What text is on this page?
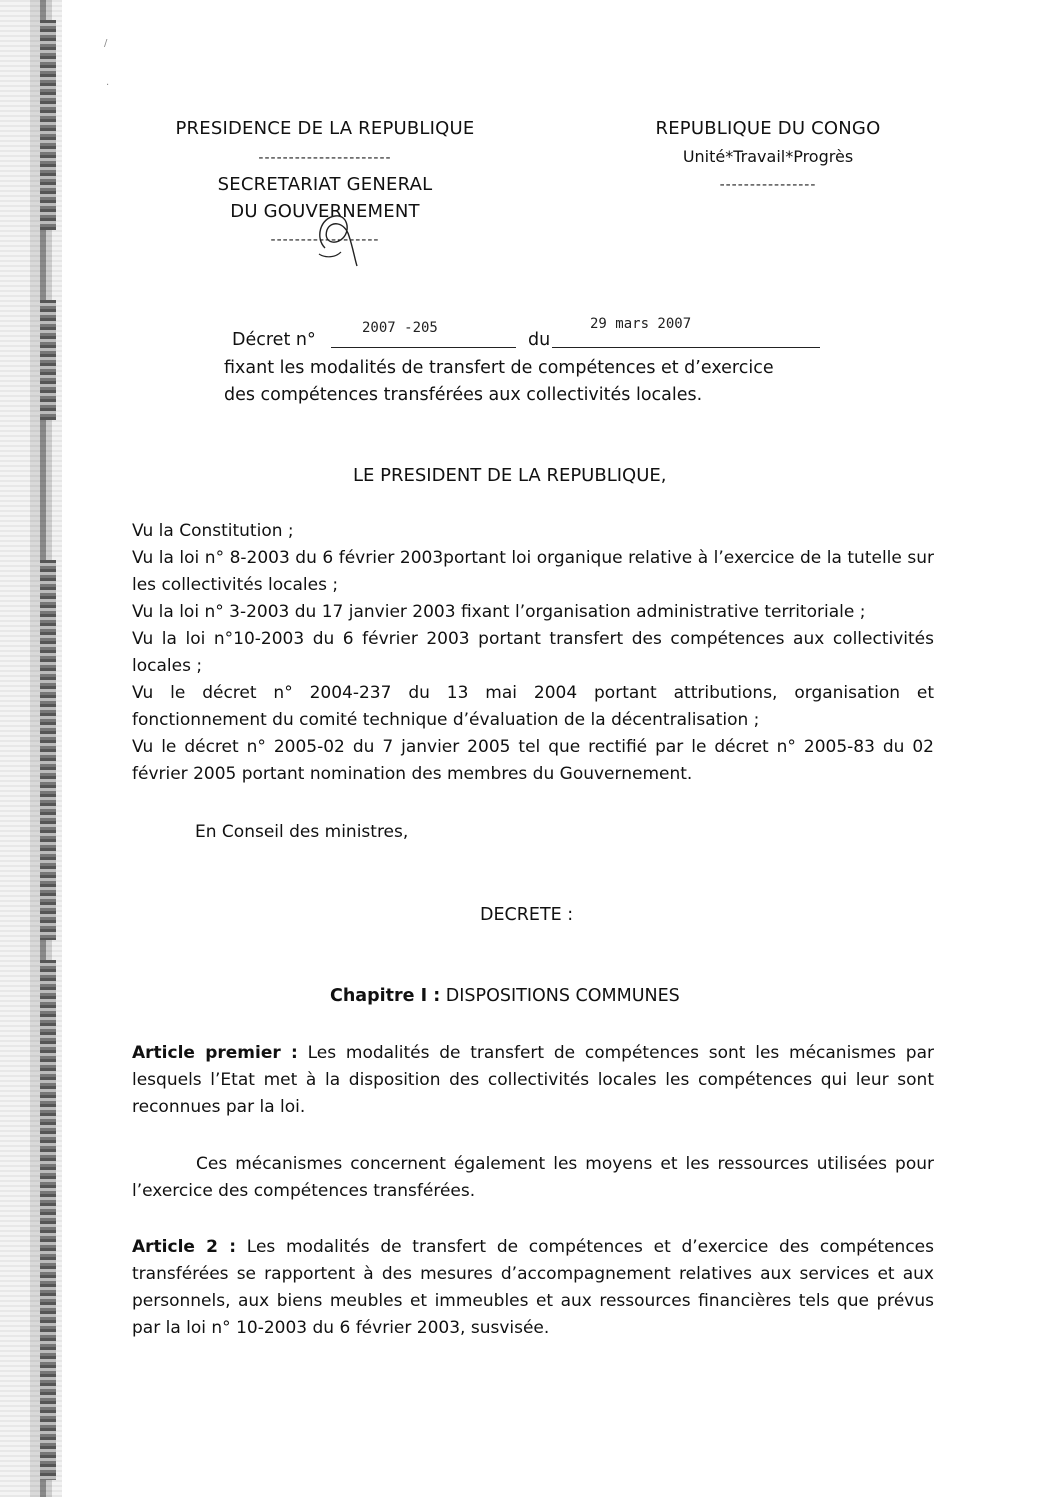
/
·
PRESIDENCE DE LA REPUBLIQUE
----------------------
SECRETARIAT GENERAL
DU GOUVERNEMENT
------------------
REPUBLIQUE DU CONGO
Unité*Travail*Progrès
----------------
Décret n°
2007 -205
du
29 mars 2007

fixant les modalités de transfert de compétences et d’exercice

des compétences transférées aux collectivités locales.

LE PRESIDENT DE LA REPUBLIQUE,

Vu la Constitution ;

Vu la loi n° 8-2003 du 6 février 2003portant loi organique relative à l’exercice de la tutelle sur les collectivités locales ;

Vu la loi n° 3-2003 du 17 janvier 2003 fixant l’organisation administrative territoriale ;

Vu la loi n°10-2003 du 6 février 2003 portant transfert des compétences aux collectivités locales ;

Vu le décret n° 2004-237 du 13 mai 2004 portant attributions, organisation et fonctionnement du comité technique d’évaluation de la décentralisation ;

Vu le décret n° 2005-02 du 7 janvier 2005 tel que rectifié par le décret n° 2005-83 du 02 février 2005 portant nomination des membres du Gouvernement.

En Conseil des ministres,
DECRETE :
Chapitre I : DISPOSITIONS COMMUNES

Article premier : Les modalités de transfert de compétences sont les mécanismes par lesquels l’Etat met à la disposition des collectivités locales les compétences qui leur sont reconnues par la loi.

Ces mécanismes concernent également les moyens et les ressources utilisées pour l’exercice des compétences transférées.

Article 2 : Les modalités de transfert de compétences et d’exercice des compétences transférées se rapportent à des mesures d’accompagnement relatives aux services et aux personnels, aux biens meubles et immeubles et aux ressources financières tels que prévus par la loi n° 10-2003 du 6 février 2003, susvisée.
